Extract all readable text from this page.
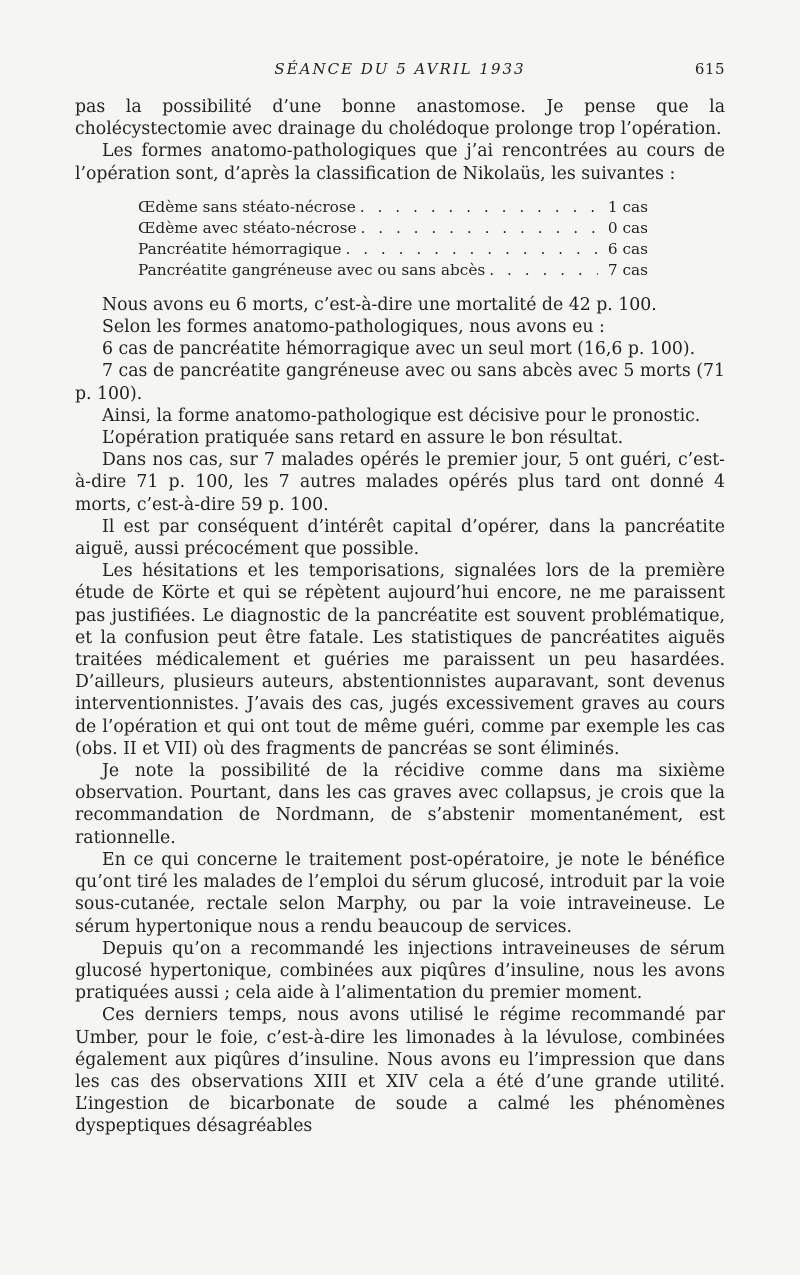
SÉANCE DU 5 AVRIL 1933	615

pas la possibilité d’une bonne anastomose. Je pense que la cholécystectomie avec drainage du cholédoque prolonge trop l’opération.

Les formes anatomo-pathologiques que j’ai rencontrées au cours de l’opération sont, d’après la classification de Nikolaüs, les suivantes :

Œdème sans stéato-nécrose . . .	1 cas
Œdème avec stéato-nécrose . . .	0 cas
Pancréatite hémorragique . . .	6 cas
Pancréatite gangréneuse avec ou sans abcès . . .	7 cas

Nous avons eu 6 morts, c’est-à-dire une mortalité de 42 p. 100.

Selon les formes anatomo-pathologiques, nous avons eu :

6 cas de pancréatite hémorragique avec un seul mort (16,6 p. 100).

7 cas de pancréatite gangréneuse avec ou sans abcès avec 5 morts (71 p. 100).

Ainsi, la forme anatomo-pathologique est décisive pour le pronostic.

L’opération pratiquée sans retard en assure le bon résultat.

Dans nos cas, sur 7 malades opérés le premier jour, 5 ont guéri, c’est-à-dire 71 p. 100, les 7 autres malades opérés plus tard ont donné 4 morts, c’est-à-dire 59 p. 100.

Il est par conséquent d’intérêt capital d’opérer, dans la pancréatite aiguë, aussi précocément que possible.

Les hésitations et les temporisations, signalées lors de la première étude de Körte et qui se répètent aujourd’hui encore, ne me paraissent pas justifiées. Le diagnostic de la pancréatite est souvent problématique, et la confusion peut être fatale. Les statistiques de pancréatites aiguës traitées médicalement et guéries me paraissent un peu hasardées. D’ailleurs, plusieurs auteurs, abstentionnistes auparavant, sont devenus interventionnistes. J’avais des cas, jugés excessivement graves au cours de l’opération et qui ont tout de même guéri, comme par exemple les cas (obs. II et VII) où des fragments de pancréas se sont éliminés.

Je note la possibilité de la récidive comme dans ma sixième observation. Pourtant, dans les cas graves avec collapsus, je crois que la recommandation de Nordmann, de s’abstenir momentanément, est rationnelle.

En ce qui concerne le traitement post-opératoire, je note le bénéfice qu’ont tiré les malades de l’emploi du sérum glucosé, introduit par la voie sous-cutanée, rectale selon Marphy, ou par la voie intraveineuse. Le sérum hypertonique nous a rendu beaucoup de services.

Depuis qu’on a recommandé les injections intraveineuses de sérum glucosé hypertonique, combinées aux piqûres d’insuline, nous les avons pratiquées aussi ; cela aide à l’alimentation du premier moment.

Ces derniers temps, nous avons utilisé le régime recommandé par Umber, pour le foie, c’est-à-dire les limonades à la lévulose, combinées également aux piqûres d’insuline. Nous avons eu l’impression que dans les cas des observations XIII et XIV cela a été d’une grande utilité. L’ingestion de bicarbonate de soude a calmé les phénomènes dyspeptiques désagréables
